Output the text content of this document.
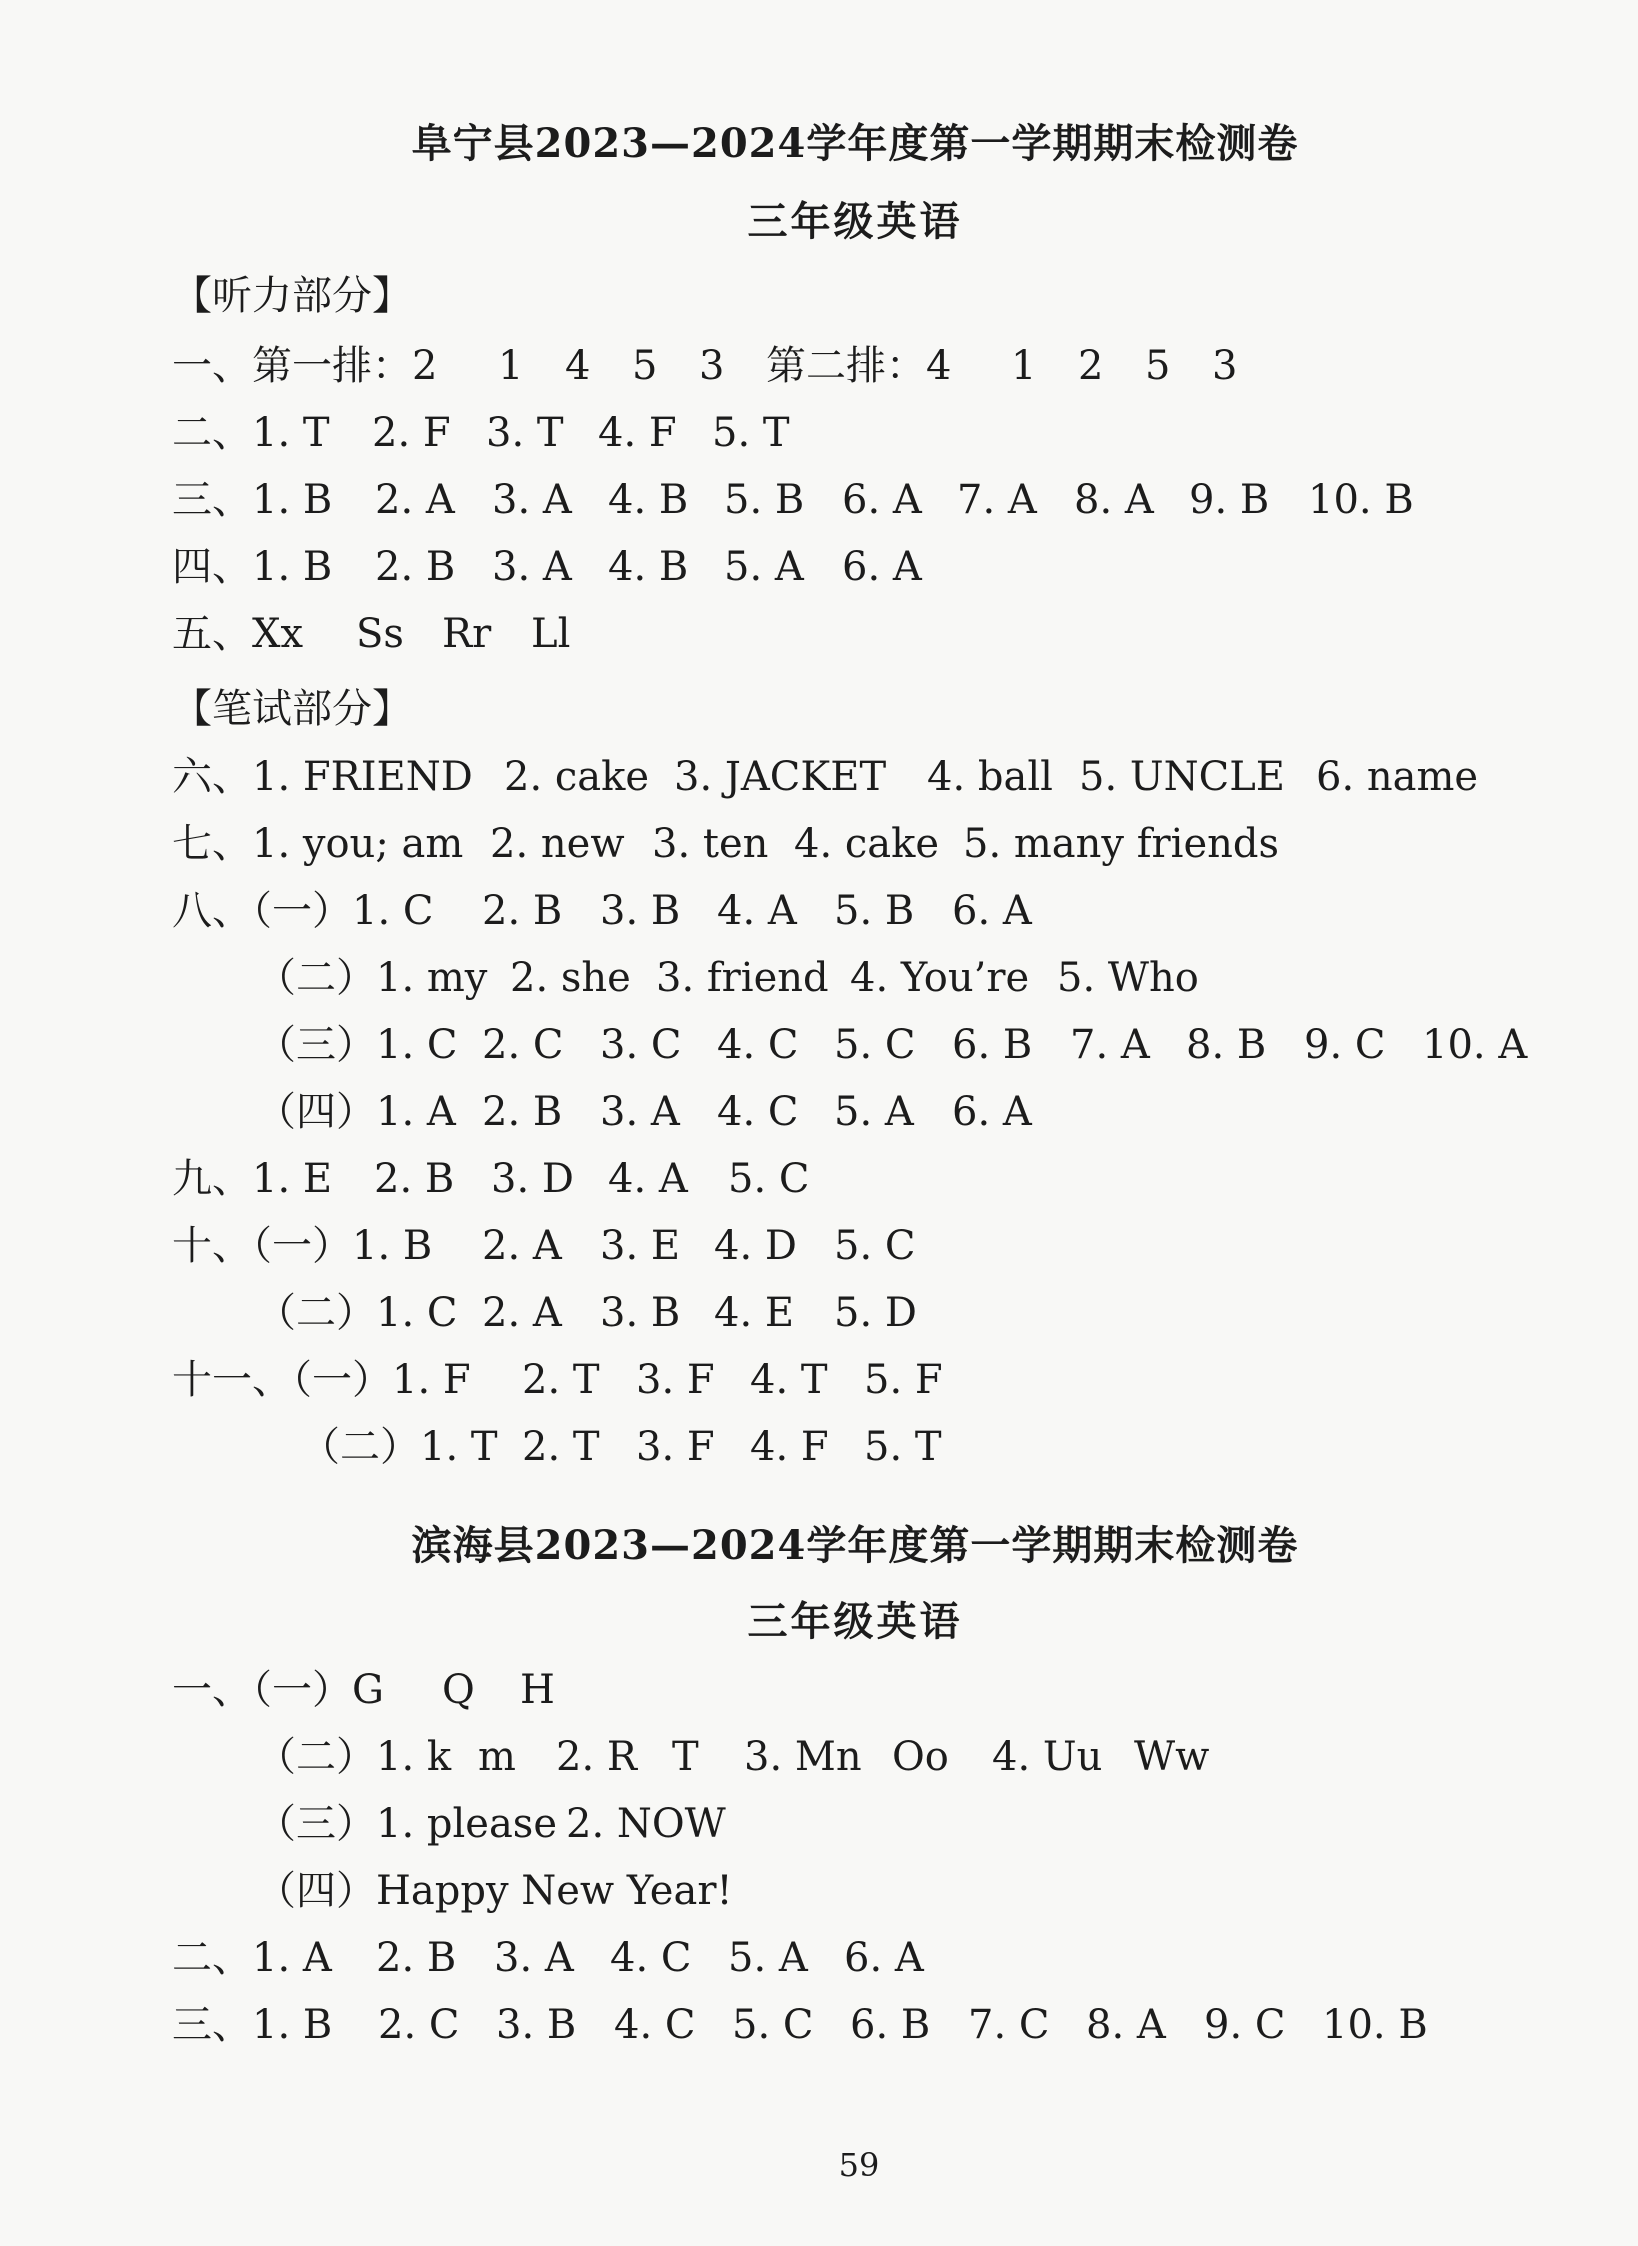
阜宁县2023—2024学年度第一学期期末检测卷
三年级英语
【听力部分】
一、第一排：2 1 4 5 3 第二排：4 1 2 5 3
二、1. T 2. F 3. T 4. F 5. T
三、1. B 2. A 3. A 4. B 5. B 6. A 7. A 8. A 9. B 10. B
四、1. B 2. B 3. A 4. B 5. A 6. A
五、Xx Ss Rr Ll
【笔试部分】
六、1. FRIEND 2. cake 3. JACKET 4. ball 5. UNCLE 6. name
七、1. you; am 2. new 3. ten 4. cake 5. many friends
八、（一）1. C 2. B 3. B 4. A 5. B 6. A
（二）1. my 2. she 3. friend 4. You’re 5. Who
（三）1. C 2. C 3. C 4. C 5. C 6. B 7. A 8. B 9. C 10. A
（四）1. A 2. B 3. A 4. C 5. A 6. A
九、1. E 2. B 3. D 4. A 5. C
十、（一）1. B 2. A 3. E 4. D 5. C
（二）1. C 2. A 3. B 4. E 5. D
十一、（一）1. F 2. T 3. F 4. T 5. F
（二）1. T 2. T 3. F 4. F 5. T
滨海县2023—2024学年度第一学期期末检测卷
三年级英语
一、（一）G Q H
（二）1. k m 2. R T 3. Mn Oo 4. Uu Ww
（三）1. please 2. NOW
（四）Happy New Year!
二、1. A 2. B 3. A 4. C 5. A 6. A
三、1. B 2. C 3. B 4. C 5. C 6. B 7. C 8. A 9. C 10. B
59
